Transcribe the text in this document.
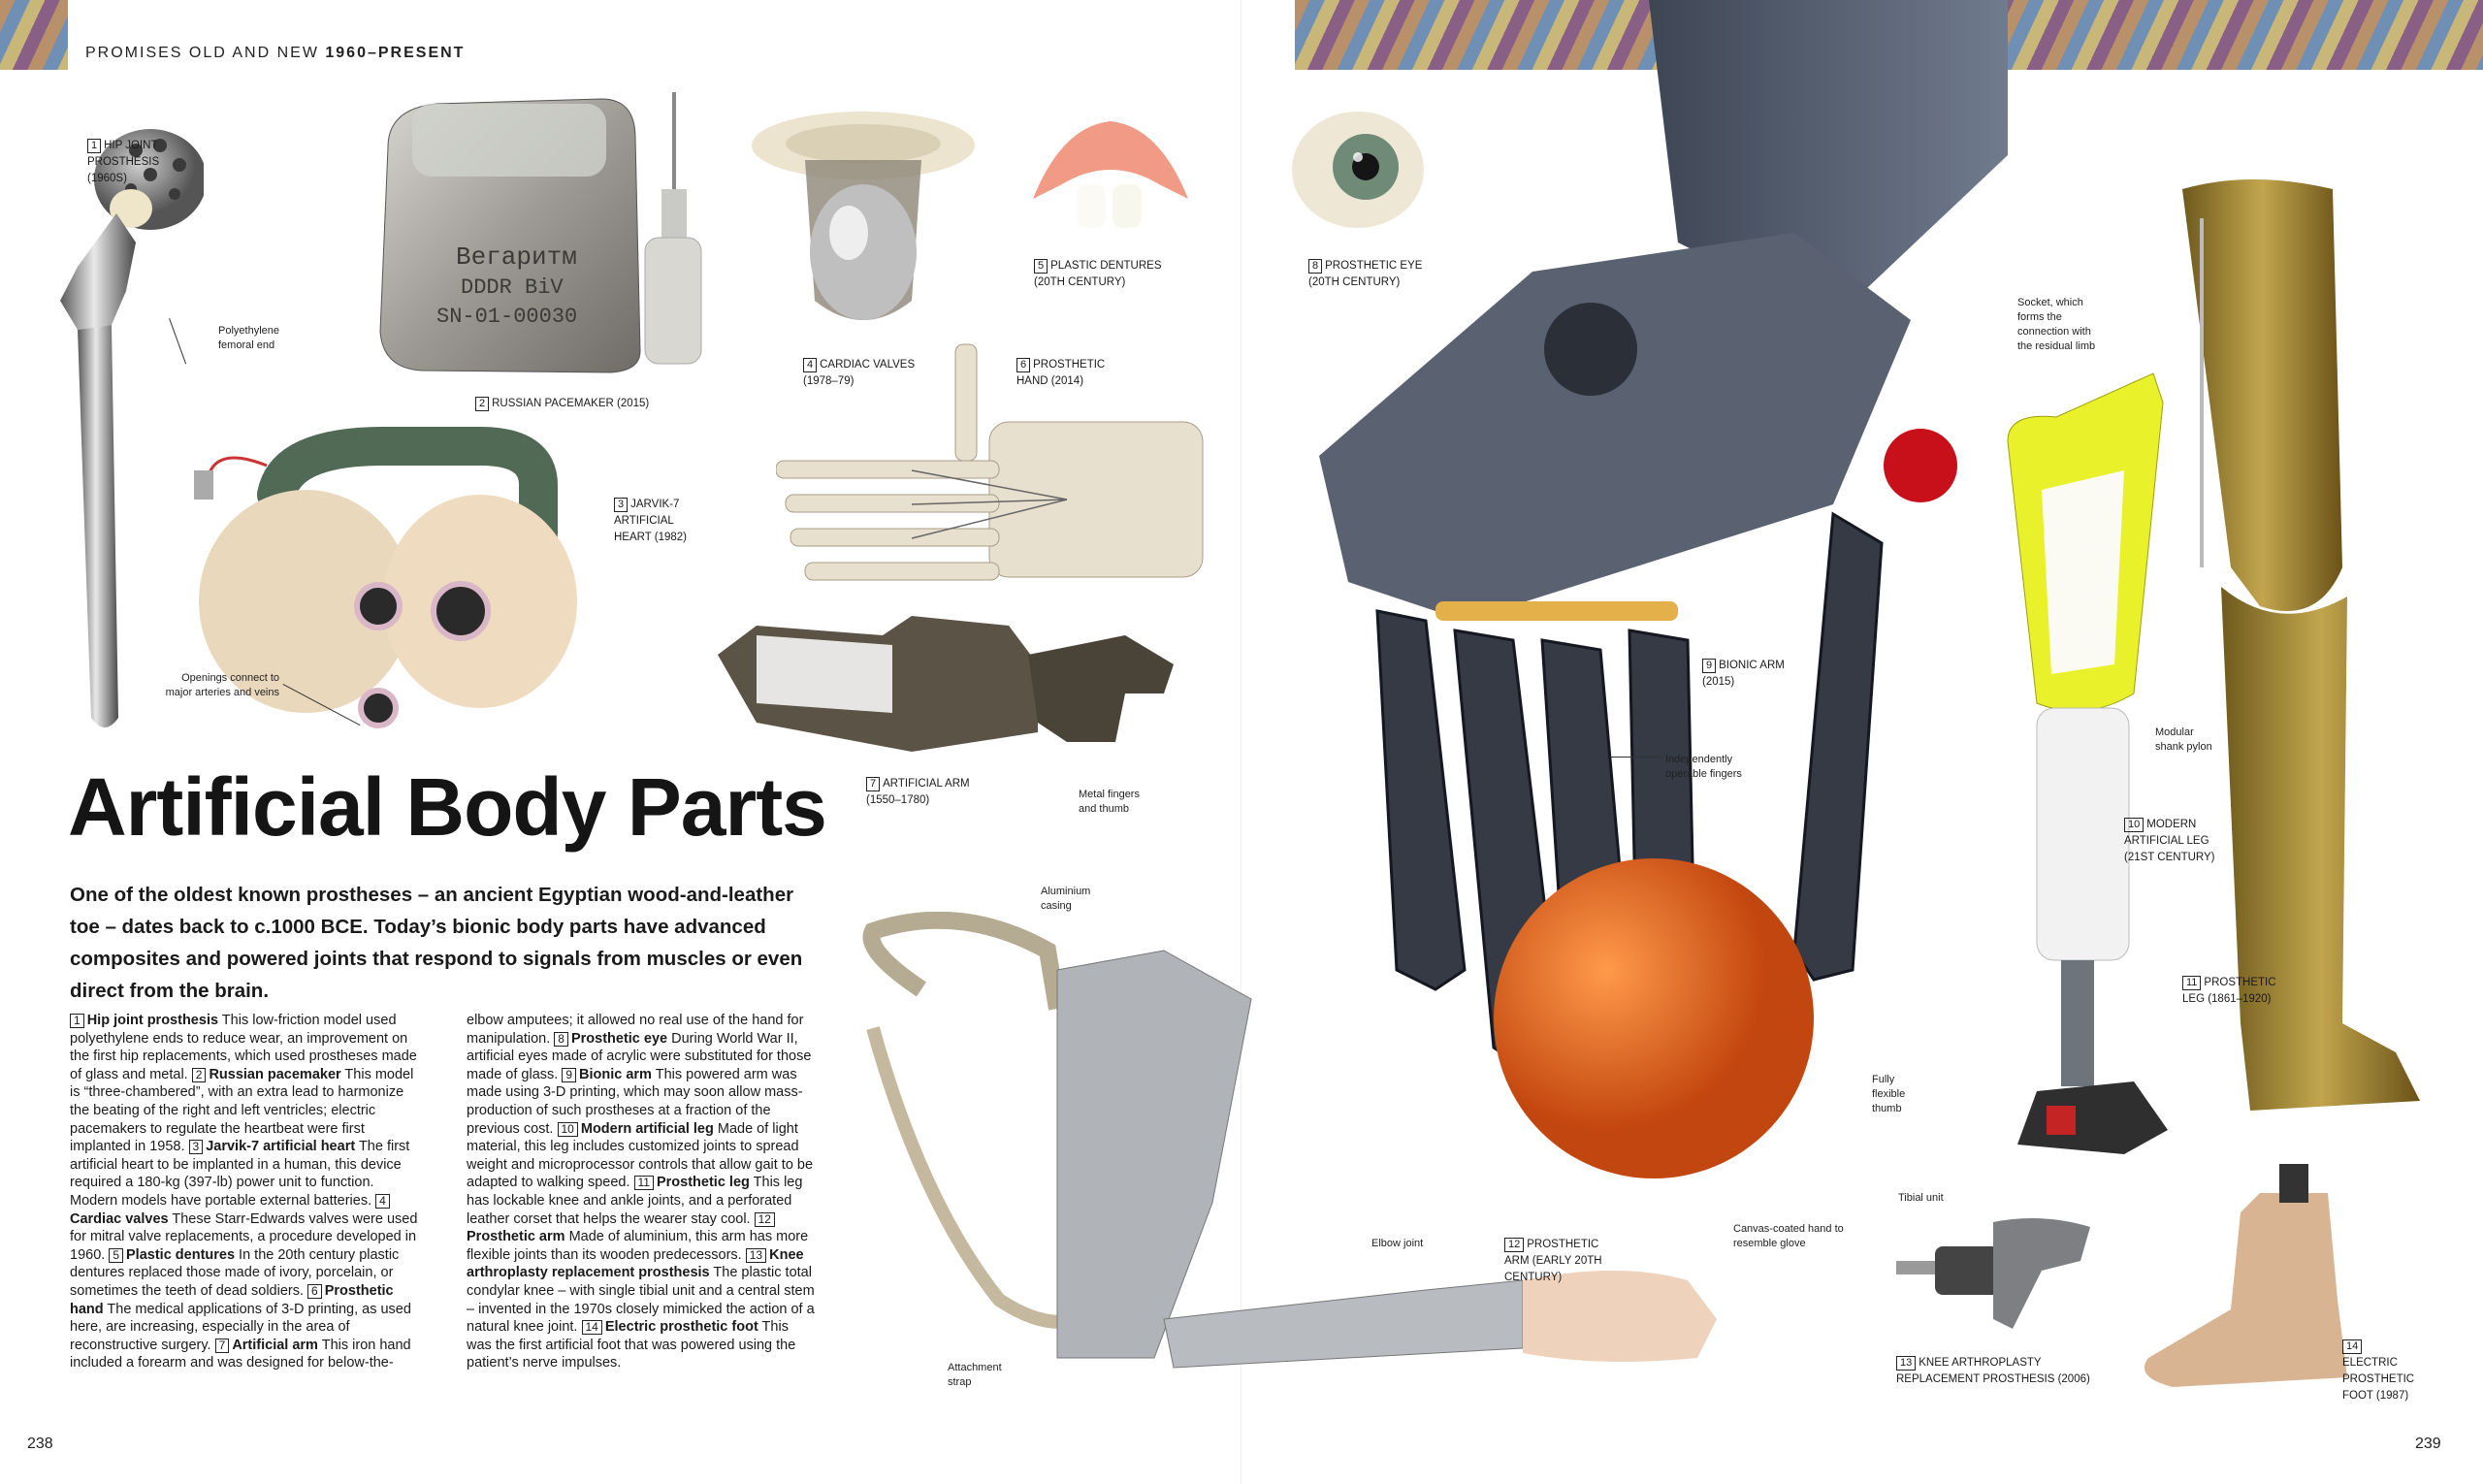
PROMISES OLD AND NEW 1960–PRESENT
1 HIP JOINT PROSTHESIS (1960S)
Polyethylene femoral end
Вегаритм
DDDR BiV
SN-01-00030
2 RUSSIAN PACEMAKER (2015)
3 JARVIK-7 ARTIFICIAL HEART (1982)
Openings connect to major arteries and veins
4 CARDIAC VALVES (1978–79)
5 PLASTIC DENTURES (20TH CENTURY)
6 PROSTHETIC HAND (2014)
7 ARTIFICIAL ARM (1550–1780)	Metal fingers and thumb
8 PROSTHETIC EYE (20TH CENTURY)
9 BIONIC ARM (2015)
Independently operable fingers
Fully flexible thumb
Socket, which forms the connection with the residual limb
Modular shank pylon
10 MODERN ARTIFICIAL LEG (21ST CENTURY)
11 PROSTHETIC LEG (1861–1920)
Aluminium casing
Attachment strap
Elbow joint	12 PROSTHETIC ARM (EARLY 20TH CENTURY)
Canvas-coated hand to resemble glove
Tibial unit
13 KNEE ARTHROPLASTY REPLACEMENT PROSTHESIS (2006)
14ELECTRIC PROSTHETIC FOOT (1987)
Artificial Body Parts

One of the oldest known prostheses – an ancient Egyptian wood-and-leather toe – dates back to c.1000 BCE. Today’s bionic body parts have advanced composites and powered joints that respond to signals from muscles or even direct from the brain.

1 Hip joint prosthesis This low-friction model used polyethylene ends to reduce wear, an improvement on the first hip replacements, which used prostheses made of glass and metal.

2 Russian pacemaker This model is “three-chambered”, with an extra lead to harmonize the beating of the right and left ventricles; electric pacemakers to regulate the heartbeat were first implanted in 1958.

3 Jarvik-7 artificial heart The first artificial heart to be implanted in a human, this device required a 180-kg (397-lb) power unit to function. Modern models have portable external batteries.

4Cardiac valves These Starr-Edwards valves were used for mitral valve replacements, a procedure developed in 1960.

5 Plastic dentures In the 20th century plastic dentures replaced those made of ivory, porcelain, or sometimes the teeth of dead soldiers.

6 Prosthetic hand The medical applications of 3-D printing, as used here, are increasing, especially in the area of reconstructive surgery.

7 Artificial arm This iron hand included a forearm and was designed for below-the-elbow amputees; it allowed no real use of the hand for manipulation.

8 Prosthetic eye During World War II, artificial eyes made of acrylic were substituted for those made of glass.

9 Bionic arm This powered arm was made using 3-D printing, which may soon allow mass-production of such prostheses at a fraction of the previous cost.

10 Modern artificial leg Made of light material, this leg includes customized joints to spread weight and microprocessor controls that allow gait to be adapted to walking speed.

11 Prosthetic leg This leg has lockable knee and ankle joints, and a perforated leather corset that helps the wearer stay cool.

12Prosthetic arm Made of aluminium, this arm has more flexible joints than its wooden predecessors.

13 Knee arthroplasty replacement prosthesis The plastic total condylar knee – with single tibial unit and a central stem – invented in the 1970s closely mimicked the action of a natural knee joint.

14 Electric prosthetic foot This was the first artificial foot that was powered using the patient’s nerve impulses.

238	239
